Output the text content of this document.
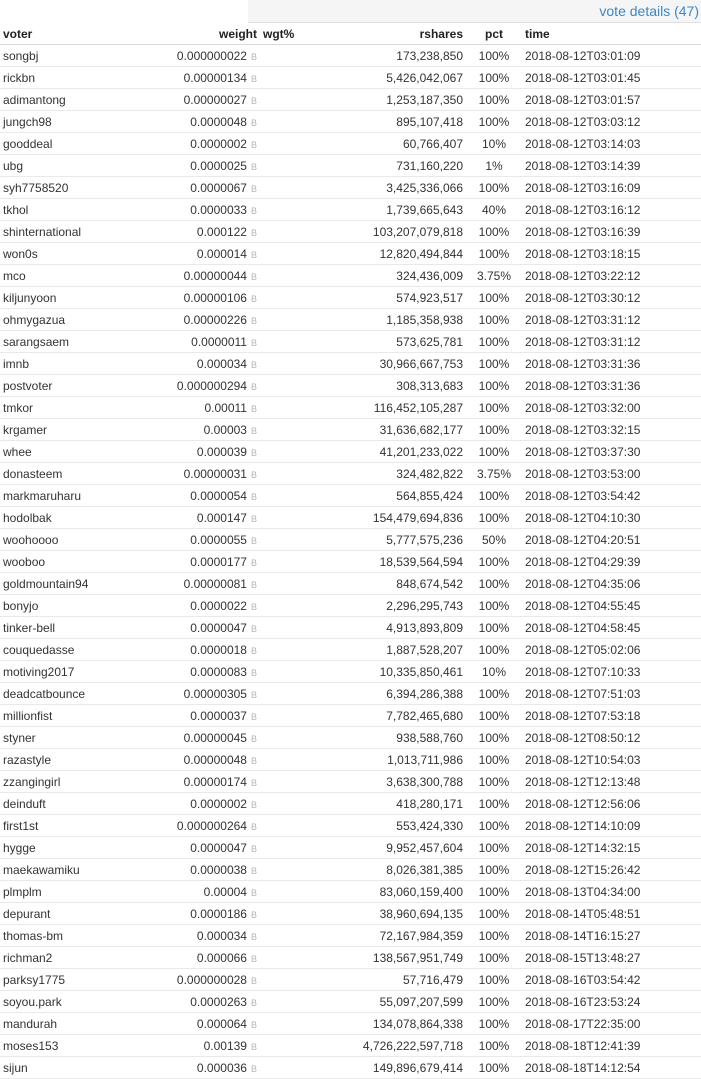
vote details (47)
voter	weight	wgt%	rshares	pct	time
songbj	0.000000022 B		173,238,850	100%	2018-08-12T03:01:09
rickbn	0.00000134 B		5,426,042,067	100%	2018-08-12T03:01:45
adimantong	0.00000027 B		1,253,187,350	100%	2018-08-12T03:01:57
jungch98	0.0000048 B		895,107,418	100%	2018-08-12T03:03:12
gooddeal	0.0000002 B		60,766,407	10%	2018-08-12T03:14:03
ubg	0.0000025 B		731,160,220	1%	2018-08-12T03:14:39
syh7758520	0.0000067 B		3,425,336,066	100%	2018-08-12T03:16:09
tkhol	0.0000033 B		1,739,665,643	40%	2018-08-12T03:16:12
shinternational	0.000122 B		103,207,079,818	100%	2018-08-12T03:16:39
won0s	0.000014 B		12,820,494,844	100%	2018-08-12T03:18:15
mco	0.00000044 B		324,436,009	3.75%	2018-08-12T03:22:12
kiljunyoon	0.00000106 B		574,923,517	100%	2018-08-12T03:30:12
ohmygazua	0.00000226 B		1,185,358,938	100%	2018-08-12T03:31:12
sarangsaem	0.0000011 B		573,625,781	100%	2018-08-12T03:31:12
imnb	0.000034 B		30,966,667,753	100%	2018-08-12T03:31:36
postvoter	0.000000294 B		308,313,683	100%	2018-08-12T03:31:36
tmkor	0.00011 B		116,452,105,287	100%	2018-08-12T03:32:00
krgamer	0.00003 B		31,636,682,177	100%	2018-08-12T03:32:15
whee	0.000039 B		41,201,233,022	100%	2018-08-12T03:37:30
donasteem	0.00000031 B		324,482,822	3.75%	2018-08-12T03:53:00
markmaruharu	0.0000054 B		564,855,424	100%	2018-08-12T03:54:42
hodolbak	0.000147 B		154,479,694,836	100%	2018-08-12T04:10:30
woohoooo	0.0000055 B		5,777,575,236	50%	2018-08-12T04:20:51
wooboo	0.0000177 B		18,539,564,594	100%	2018-08-12T04:29:39
goldmountain94	0.00000081 B		848,674,542	100%	2018-08-12T04:35:06
bonyjo	0.0000022 B		2,296,295,743	100%	2018-08-12T04:55:45
tinker-bell	0.0000047 B		4,913,893,809	100%	2018-08-12T04:58:45
couquedasse	0.0000018 B		1,887,528,207	100%	2018-08-12T05:02:06
motiving2017	0.0000083 B		10,335,850,461	10%	2018-08-12T07:10:33
deadcatbounce	0.00000305 B		6,394,286,388	100%	2018-08-12T07:51:03
millionfist	0.0000037 B		7,782,465,680	100%	2018-08-12T07:53:18
styner	0.00000045 B		938,588,760	100%	2018-08-12T08:50:12
razastyle	0.00000048 B		1,013,711,986	100%	2018-08-12T10:54:03
zzangingirl	0.00000174 B		3,638,300,788	100%	2018-08-12T12:13:48
deinduft	0.0000002 B		418,280,171	100%	2018-08-12T12:56:06
first1st	0.000000264 B		553,424,330	100%	2018-08-12T14:10:09
hygge	0.0000047 B		9,952,457,604	100%	2018-08-12T14:32:15
maekawamiku	0.0000038 B		8,026,381,385	100%	2018-08-12T15:26:42
plmplm	0.00004 B		83,060,159,400	100%	2018-08-13T04:34:00
depurant	0.0000186 B		38,960,694,135	100%	2018-08-14T05:48:51
thomas-bm	0.000034 B		72,167,984,359	100%	2018-08-14T16:15:27
richman2	0.000066 B		138,567,951,749	100%	2018-08-15T13:48:27
parksy1775	0.000000028 B		57,716,479	100%	2018-08-16T03:54:42
soyou.park	0.0000263 B		55,097,207,599	100%	2018-08-16T23:53:24
mandurah	0.000064 B		134,078,864,338	100%	2018-08-17T22:35:00
moses153	0.00139 B		4,726,222,597,718	100%	2018-08-18T12:41:39
sijun	0.000036 B		149,896,679,414	100%	2018-08-18T14:12:54
